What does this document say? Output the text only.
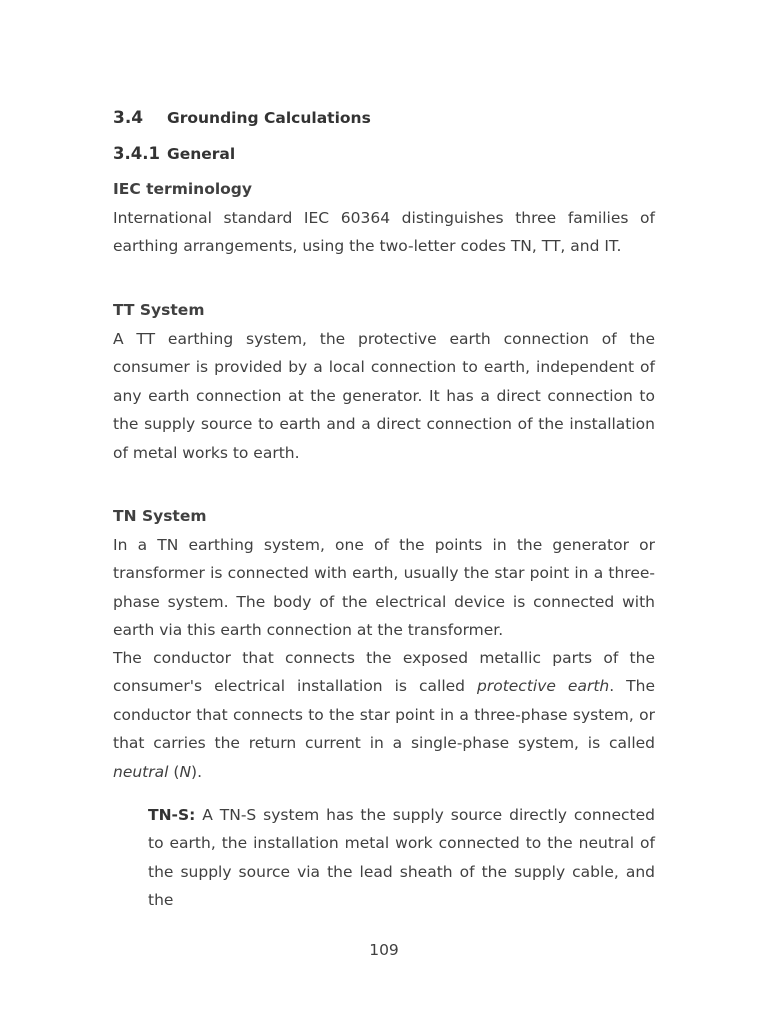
3.4 Grounding Calculations
3.4.1 General
IEC terminology
International standard IEC 60364 distinguishes three families of earthing arrangements, using the two-letter codes TN, TT, and IT.
TT System
A TT earthing system, the protective earth connection of the consumer is provided by a local connection to earth, independent of any earth connection at the generator. It has a direct connection to the supply source to earth and a direct connection of the installation of metal works to earth.
TN System
In a TN earthing system, one of the points in the generator or transformer is connected with earth, usually the star point in a three-phase system. The body of the electrical device is connected with earth via this earth connection at the transformer.
The conductor that connects the exposed metallic parts of the consumer's electrical installation is called protective earth. The conductor that connects to the star point in a three-phase system, or that carries the return current in a single-phase system, is called neutral (N).
TN-S: A TN-S system has the supply source directly connected to earth, the installation metal work connected to the neutral of the supply source via the lead sheath of the supply cable, and the
109
